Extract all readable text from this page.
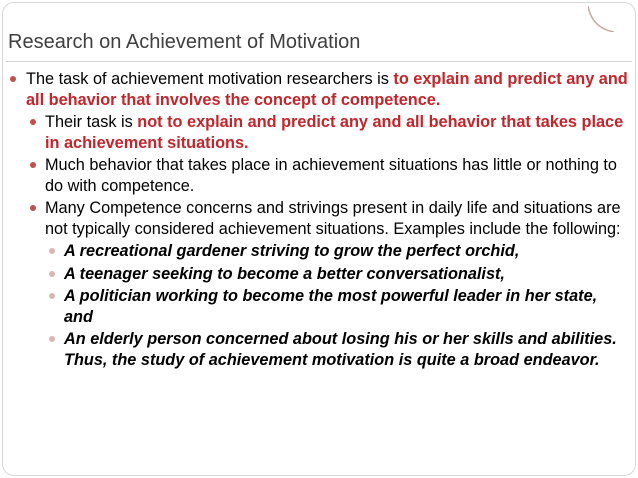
Research on Achievement of Motivation
The task of achievement motivation researchers is to explain and predict any and all behavior that involves the concept of competence.
Their task is not to explain and predict any and all behavior that takes place in achievement situations.
Much behavior that takes place in achievement situations has little or nothing to do with competence.
Many Competence concerns and strivings present in daily life and situations are not typically considered achievement situations. Examples include the following:
A recreational gardener striving to grow the perfect orchid,
A teenager seeking to become a better conversationalist,
A politician working to become the most powerful leader in her state, and
An elderly person concerned about losing his or her skills and abilities. Thus, the study of achievement motivation is quite a broad endeavor.
